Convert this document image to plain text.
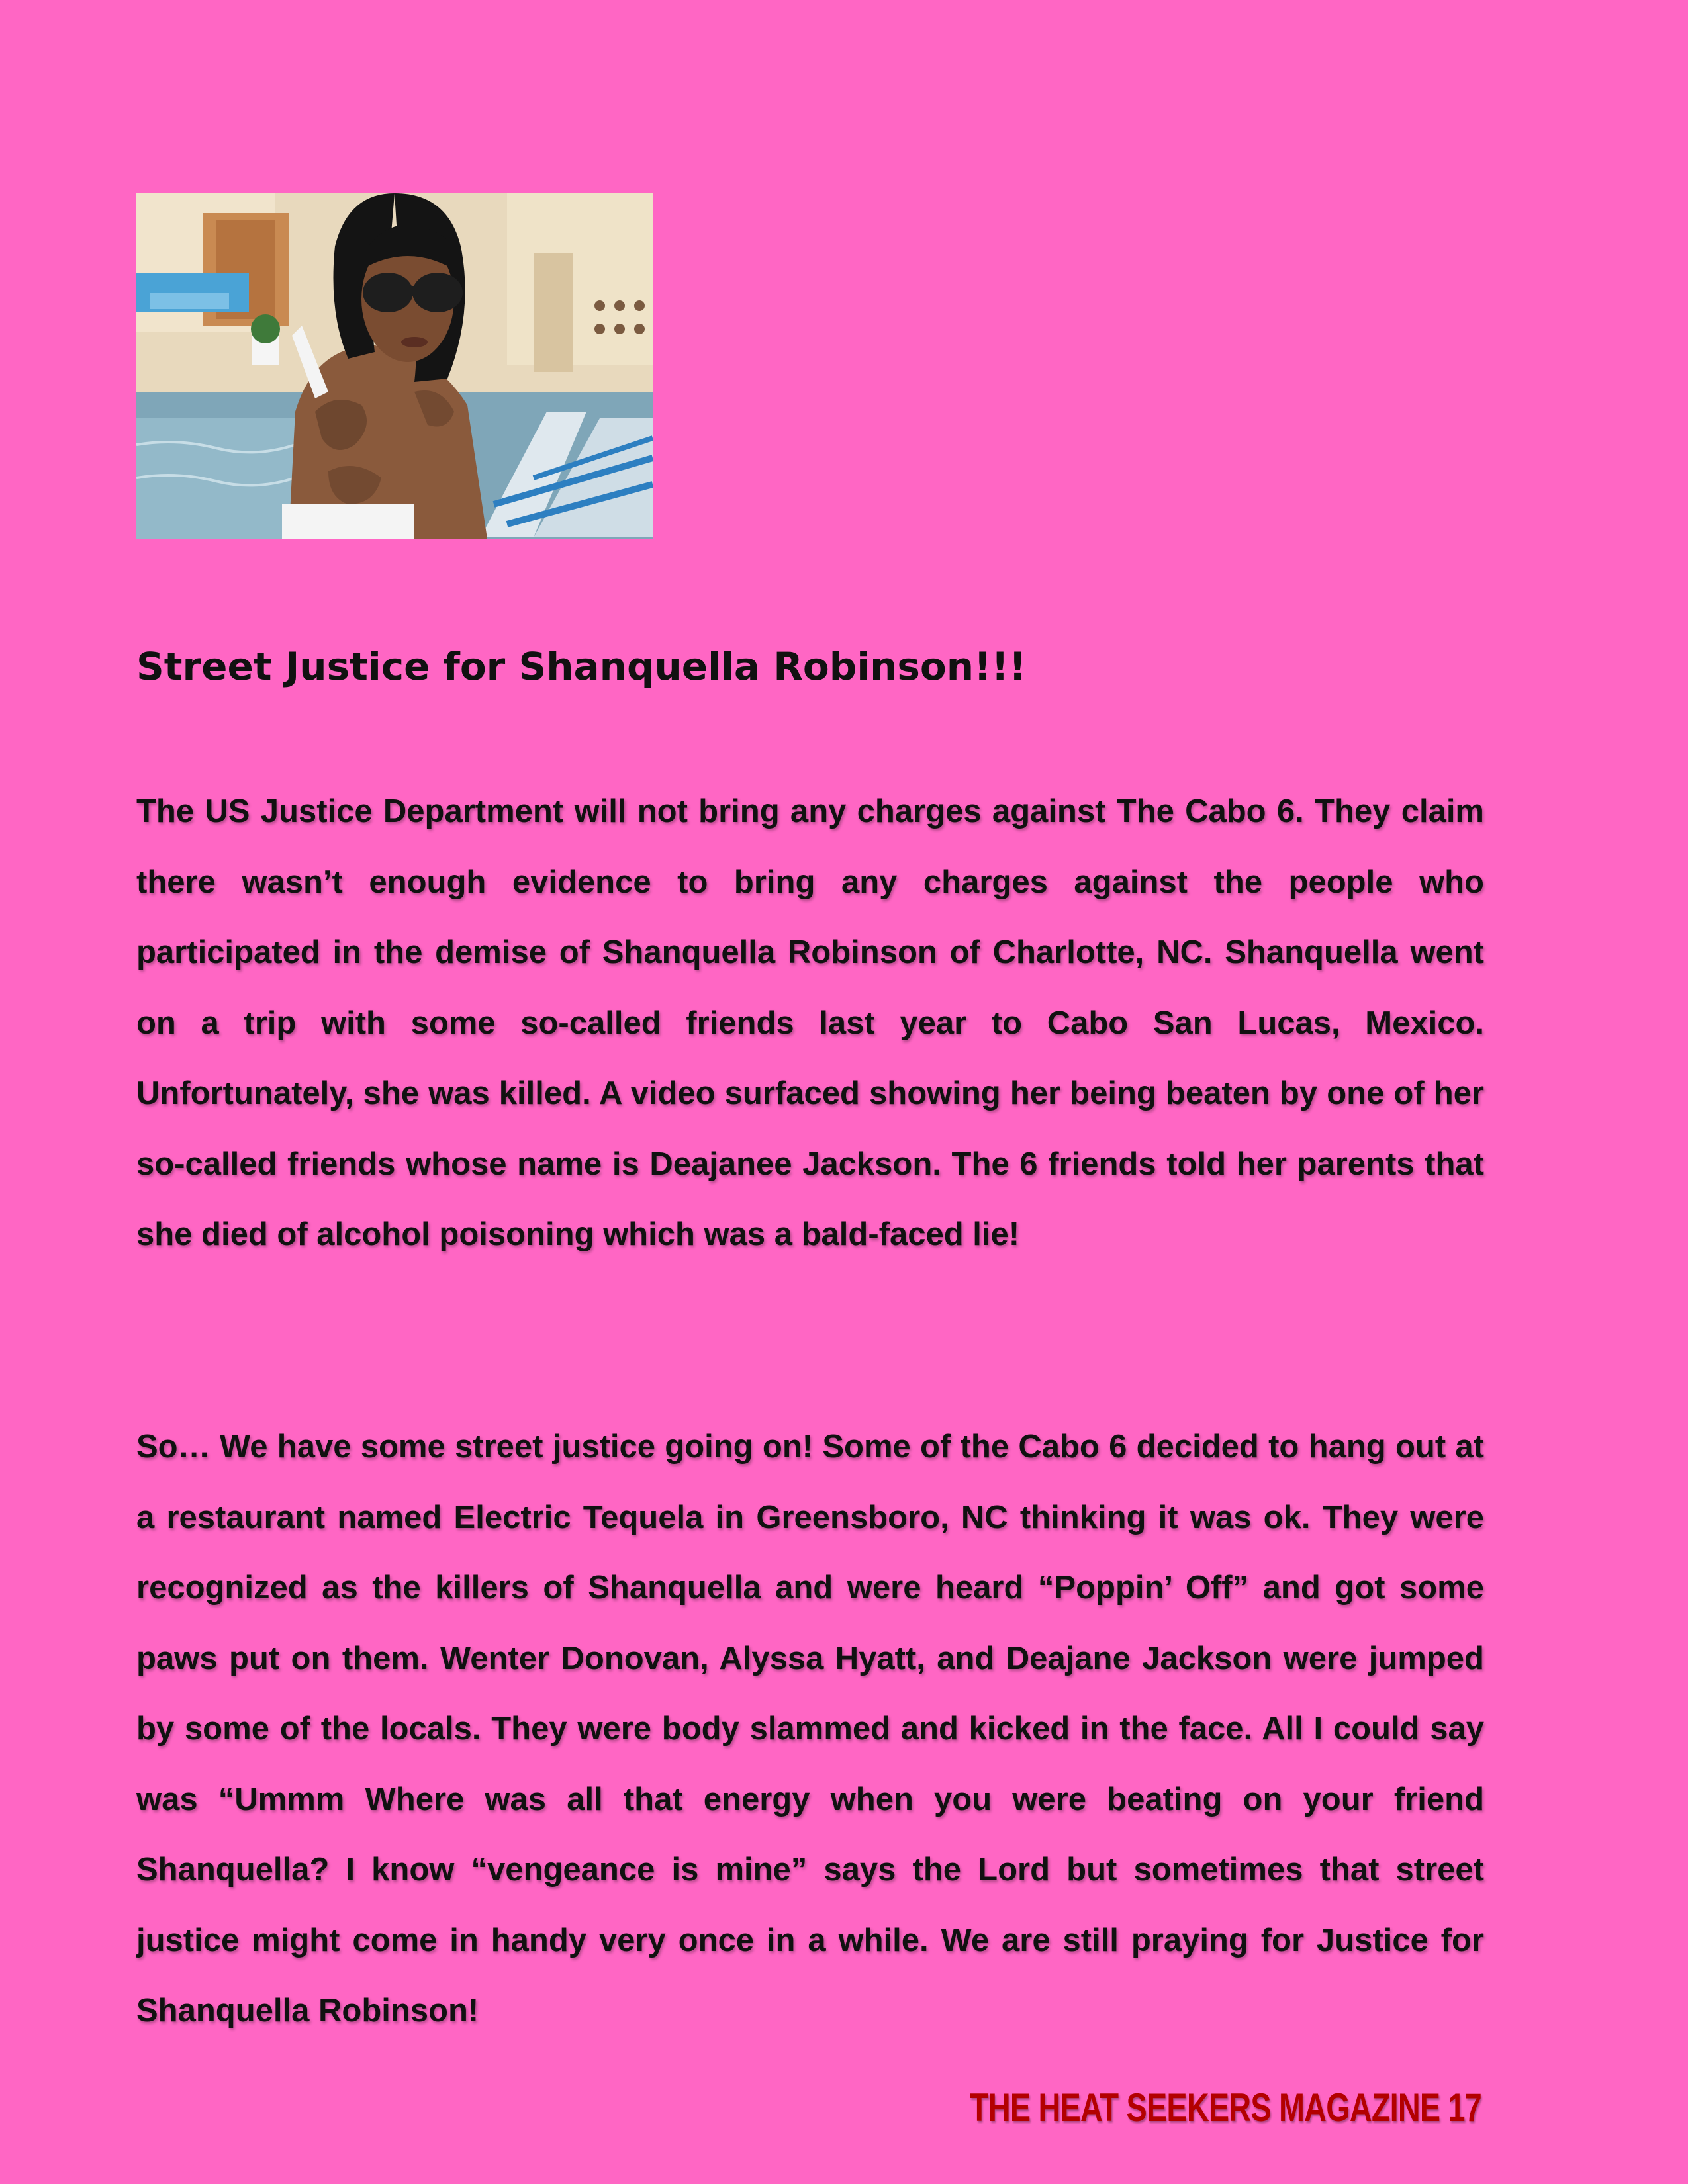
Street Justice for Shanquella Robinson!!!

The US Justice Department will not bring any charges against The Cabo 6. They claim there wasn’t enough evidence to bring any charges against the people who participated in the demise of Shanquella Robinson of Charlotte, NC. Shanquella went on a trip with some so-called friends last year to Cabo San Lucas, Mexico. Unfortunately, she was killed. A video surfaced showing her being beaten by one of her so-called friends whose name is Deajanee Jackson. The 6 friends told her parents that she died of alcohol poisoning which was a bald-faced lie!

So… We have some street justice going on! Some of the Cabo 6 decided to hang out at a restaurant named Electric Tequela in Greensboro, NC thinking it was ok. They were recognized as the killers of Shanquella and were heard “Poppin’ Off” and got some paws put on them. Wenter Donovan, Alyssa Hyatt, and Deajane Jackson were jumped by some of the locals. They were body slammed and kicked in the face. All I could say was “Ummm Where was all that energy when you were beating on your friend Shanquella? I know “vengeance is mine” says the Lord but sometimes that street justice might come in handy very once in a while. We are still praying for Justice for Shanquella Robinson!

THE HEAT SEEKERS MAGAZINE 17
